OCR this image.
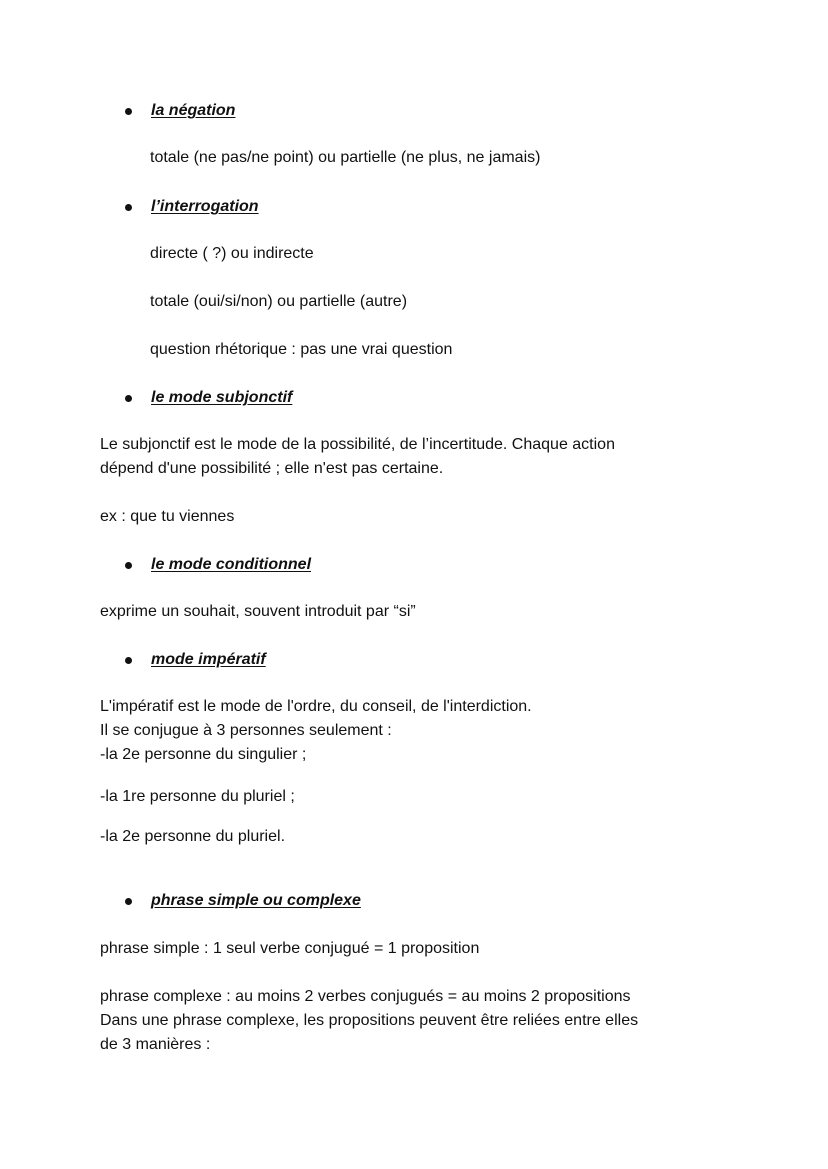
la négation
totale (ne pas/ne point) ou partielle (ne plus, ne jamais)
l’interrogation
directe ( ?) ou indirecte
totale (oui/si/non) ou partielle (autre)
question rhétorique : pas une vrai question
le mode subjonctif
Le subjonctif est le mode de la possibilité, de l’incertitude. Chaque action
dépend d'une possibilité ; elle n'est pas certaine.
ex : que tu viennes
le mode conditionnel
exprime un souhait, souvent introduit par “si”
mode impératif
L'impératif est le mode de l'ordre, du conseil, de l'interdiction.
Il se conjugue à 3 personnes seulement :
-la 2e personne du singulier ;
-la 1re personne du pluriel ;
-la 2e personne du pluriel.
phrase simple ou complexe
phrase simple : 1 seul verbe conjugué = 1 proposition
phrase complexe : au moins 2 verbes conjugués = au moins 2 propositions
Dans une phrase complexe, les propositions peuvent être reliées entre elles
de 3 manières :
